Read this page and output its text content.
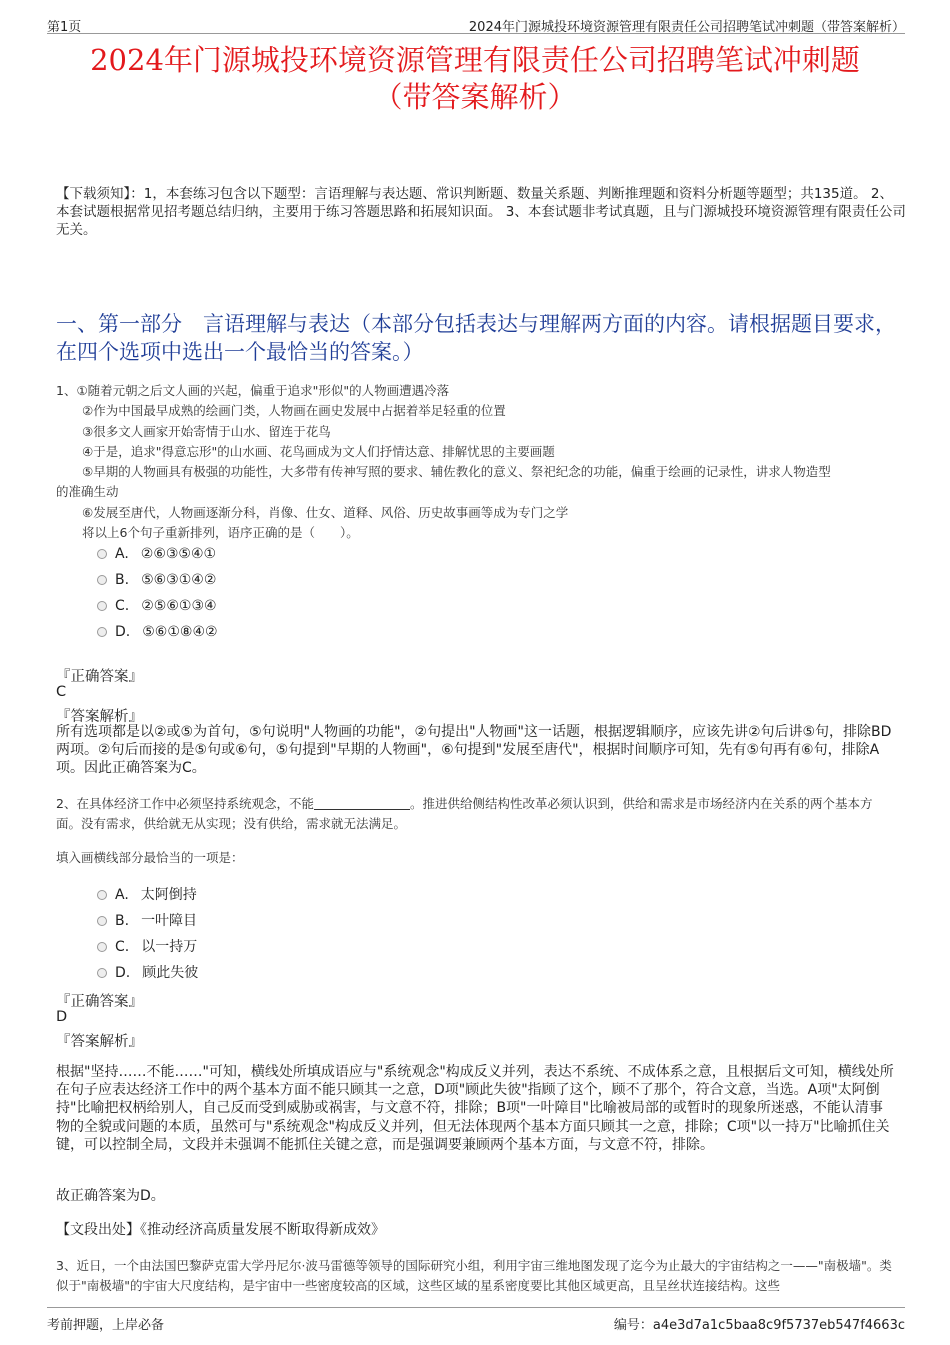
第1页	2024年门源城投环境资源管理有限责任公司招聘笔试冲刺题（带答案解析）
2024年门源城投环境资源管理有限责任公司招聘笔试冲刺题
（带答案解析）
【下载须知】：1，本套练习包含以下题型：言语理解与表达题、常识判断题、数量关系题、判断推理题和资料分析题等题型；共135道。 2、本套试题根据常见招考题总结归纳，主要用于练习答题思路和拓展知识面。 3、本套试题非考试真题，且与门源城投环境资源管理有限责任公司无关。
一、第一部分　言语理解与表达（本部分包括表达与理解两方面的内容。请根据题目要求，在四个选项中选出一个最恰当的答案。）
1、①随着元朝之后文人画的兴起，偏重于追求"形似"的人物画遭遇冷落
②作为中国最早成熟的绘画门类，人物画在画史发展中占据着举足轻重的位置
③很多文人画家开始寄情于山水、留连于花鸟
④于是，追求"得意忘形"的山水画、花鸟画成为文人们抒情达意、排解忧思的主要画题
⑤早期的人物画具有极强的功能性，大多带有传神写照的要求、辅佐教化的意义、祭祀纪念的功能，偏重于绘画的记录性，讲求人物造型
的准确生动
⑥发展至唐代，人物画逐渐分科，肖像、仕女、道释、风俗、历史故事画等成为专门之学
将以上6个句子重新排列，语序正确的是（　　）。
A. ②⑥③⑤④①
B. ⑤⑥③①④②
C. ②⑤⑥①③④
D. ⑤⑥①⑧④②
『正确答案』
C
『答案解析』
所有选项都是以②或⑤为首句，⑤句说明"人物画的功能"，②句提出"人物画"这一话题，根据逻辑顺序，应该先讲②句后讲⑤句，排除BD两项。②句后而接的是⑤句或⑥句，⑤句提到"早期的人物画"，⑥句提到"发展至唐代"，根据时间顺序可知，先有⑤句再有⑥句，排除A项。因此正确答案为C。
2、在具体经济工作中必须坚持系统观念，不能	。推进供给侧结构性改革必须认识到，供给和需求是市场经济内在关系的两个基本方面。没有需求，供给就无从实现；没有供给，需求就无法满足。
填入画横线部分最恰当的一项是：
A. 太阿倒持
B. 一叶障目
C. 以一持万
D. 顾此失彼
『正确答案』
D
『答案解析』
根据"坚持……不能……"可知，横线处所填成语应与"系统观念"构成反义并列，表达不系统、不成体系之意，且根据后文可知，横线处所在句子应表达经济工作中的两个基本方面不能只顾其一之意，D项"顾此失彼"指顾了这个，顾不了那个，符合文意，当选。A项"太阿倒持"比喻把权柄给别人，自己反而受到威胁或祸害，与文意不符，排除；B项"一叶障目"比喻被局部的或暂时的现象所迷惑，不能认清事物的全貌或问题的本质，虽然可与"系统观念"构成反义并列，但无法体现两个基本方面只顾其一之意，排除；C项"以一持万"比喻抓住关键，可以控制全局，文段并未强调不能抓住关键之意，而是强调要兼顾两个基本方面，与文意不符，排除。
故正确答案为D。
【文段出处】《推动经济高质量发展不断取得新成效》
3、近日，一个由法国巴黎萨克雷大学丹尼尔·波马雷德等领导的国际研究小组，利用宇宙三维地图发现了迄今为止最大的宇宙结构之一——"南极墙"。类似于"南极墙"的宇宙大尺度结构，是宇宙中一些密度较高的区域，这些区域的星系密度要比其他区域更高，且呈丝状连接结构。这些
考前押题，上岸必备	编号：a4e3d7a1c5baa8c9f5737eb547f4663c
